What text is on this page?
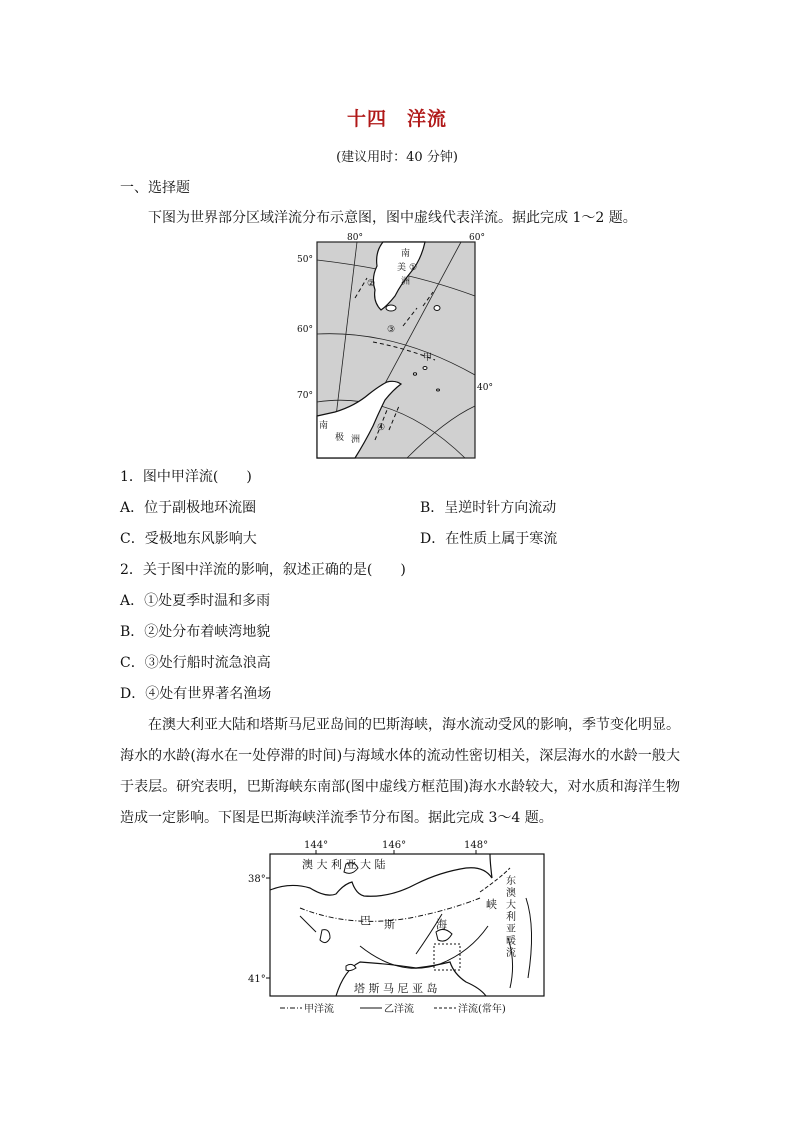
十四 洋流
(建议用时：40 分钟)
一、选择题
下图为世界部分区域洋流分布示意图，图中虚线代表洋流。据此完成 1～2 题。
80°	60°
40°
50°
60°
70°
南
美
洲
①
②
③
④
甲
南
极 洲
1．图中甲洋流(　　)
A．位于副极地环流圈	B．呈逆时针方向流动
C．受极地东风影响大	D．在性质上属于寒流
2．关于图中洋流的影响，叙述正确的是(　　)
A．①处夏季时温和多雨
B．②处分布着峡湾地貌
C．③处行船时流急浪高
D．④处有世界著名渔场

在澳大利亚大陆和塔斯马尼亚岛间的巴斯海峡，海水流动受风的影响，季节变化明显。海水的水龄(海水在一处停滞的时间)与海域水体的流动性密切相关，深层海水的水龄一般大于表层。研究表明，巴斯海峡东南部(图中虚线方框范围)海水水龄较大，对水质和海洋生物造成一定影响。下图是巴斯海峡洋流季节分布图。据此完成 3～4 题。

144°	146°	148°
38°
41°
澳 大 利 亚 大 陆
巴 斯	海
峡
塔 斯 马 尼 亚 岛
东
澳
大
利
亚
暖
流
甲洋流	乙洋流	洋流(常年)
